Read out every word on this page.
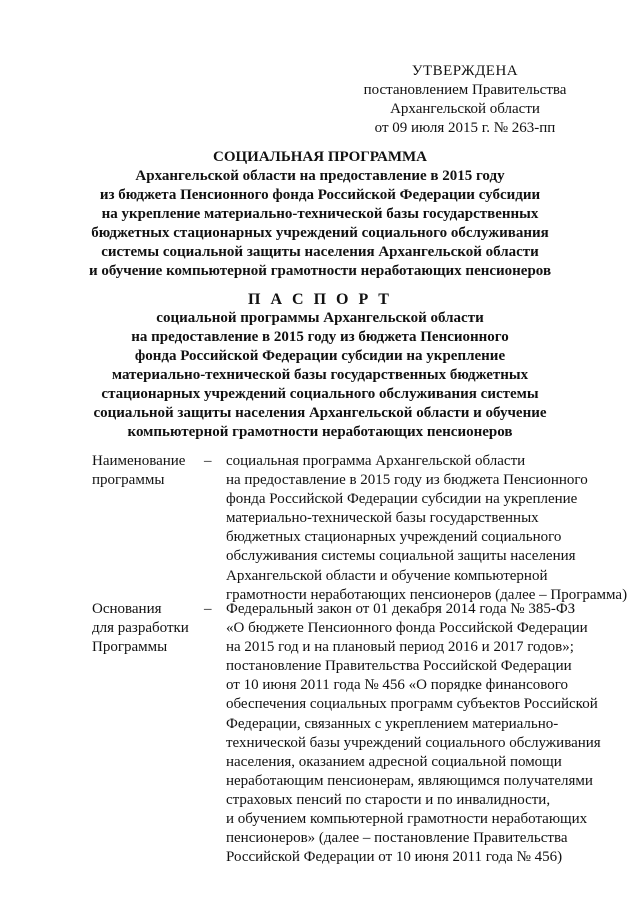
УТВЕРЖДЕНА
постановлением Правительства
Архангельской области
от 09 июля 2015 г. № 263-пп
СОЦИАЛЬНАЯ ПРОГРАММА
Архангельской области на предоставление в 2015 году
из бюджета Пенсионного фонда Российской Федерации субсидии
на укрепление материально-технической базы государственных
бюджетных стационарных учреждений социального обслуживания
системы социальной защиты населения Архангельской области
и обучение компьютерной грамотности неработающих пенсионеров
П А С П О Р Т
социальной программы Архангельской области
на предоставление в 2015 году из бюджета Пенсионного
фонда Российской Федерации субсидии на укрепление
материально-технической базы государственных бюджетных
стационарных учреждений социального обслуживания системы
социальной защиты населения Архангельской области и обучение
компьютерной грамотности неработающих пенсионеров
Наименование
программы
– социальная программа Архангельской области
на предоставление в 2015 году из бюджета Пенсионного
фонда Российской Федерации субсидии на укрепление
материально-технической базы государственных
бюджетных стационарных учреждений социального
обслуживания системы социальной защиты населения
Архангельской области и обучение компьютерной
грамотности неработающих пенсионеров (далее – Программа)
Основания
для разработки
Программы
– Федеральный закон от 01 декабря 2014 года № 385-ФЗ
«О бюджете Пенсионного фонда Российской Федерации
на 2015 год и на плановый период 2016 и 2017 годов»;
постановление Правительства Российской Федерации
от 10 июня 2011 года № 456 «О порядке финансового
обеспечения социальных программ субъектов Российской
Федерации, связанных с укреплением материально-
технической базы учреждений социального обслуживания
населения, оказанием адресной социальной помощи
неработающим пенсионерам, являющимся получателями
страховых пенсий по старости и по инвалидности,
и обучением компьютерной грамотности неработающих
пенсионеров» (далее – постановление Правительства
Российской Федерации от 10 июня 2011 года № 456)
